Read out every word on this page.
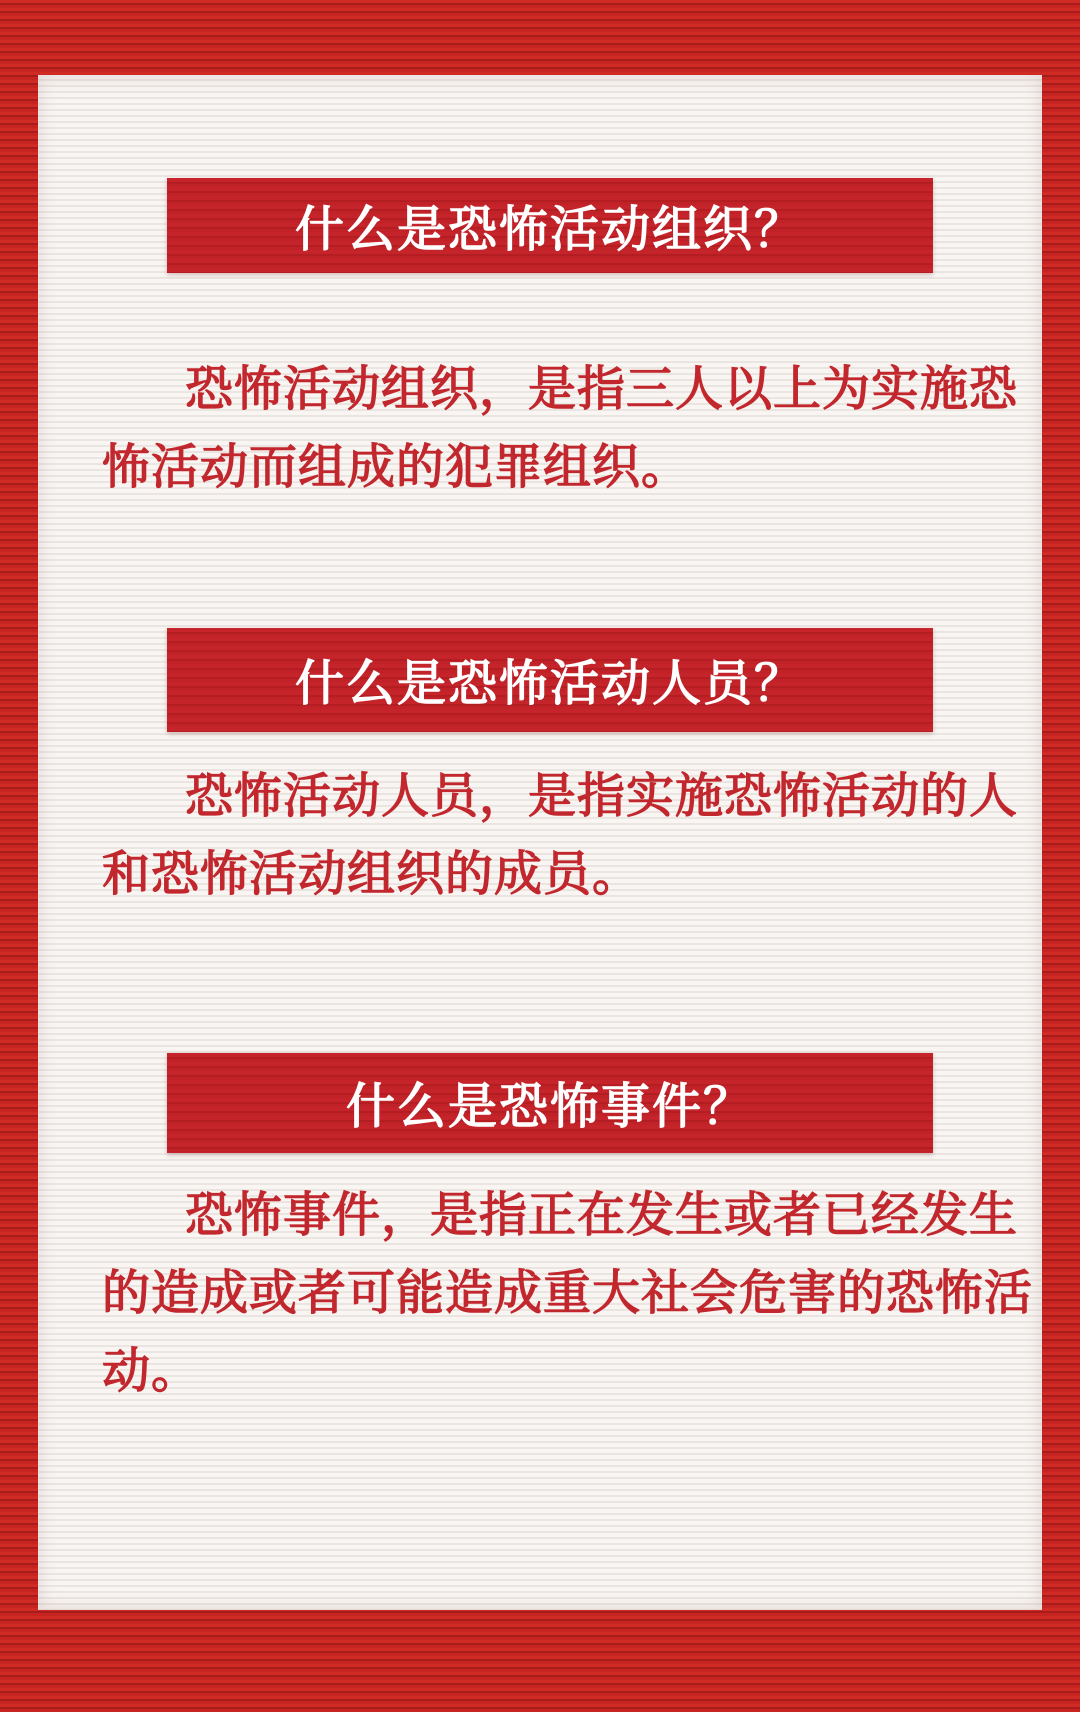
什么是恐怖活动组织？
恐怖活动组织，是指三人以上为实施恐
怖活动而组成的犯罪组织。
什么是恐怖活动人员？
恐怖活动人员，是指实施恐怖活动的人
和恐怖活动组织的成员。
什么是恐怖事件？
恐怖事件，是指正在发生或者已经发生
的造成或者可能造成重大社会危害的恐怖活
动。
